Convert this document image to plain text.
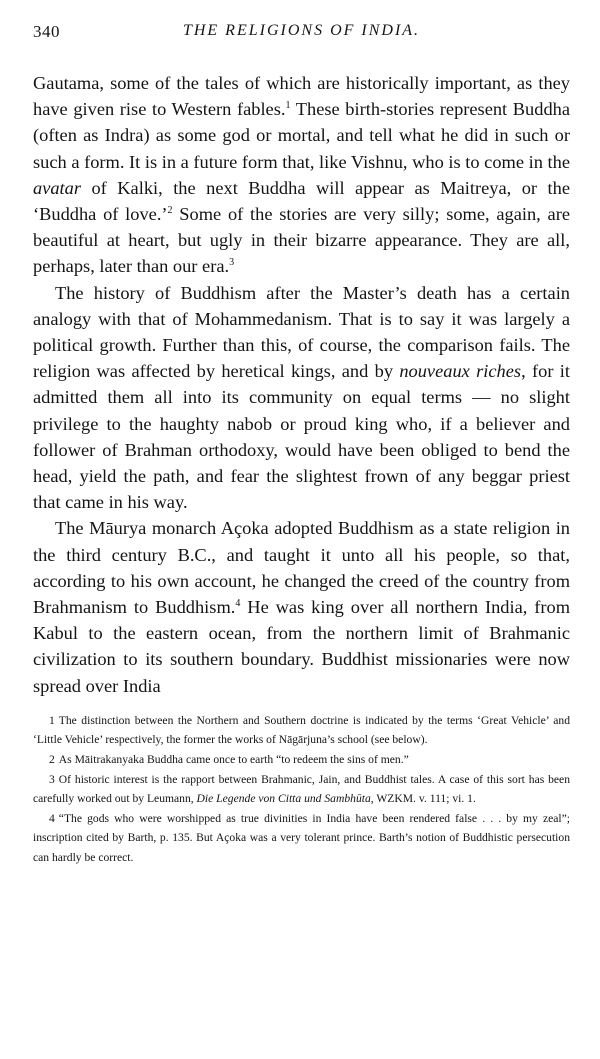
340	THE RELIGIONS OF INDIA.

Gautama, some of the tales of which are historically important, as they have given rise to Western fables.$^1$ These birth-stories represent Buddha (often as Indra) as some god or mortal, and tell what he did in such or such a form. It is in a future form that, like Vishnu, who is to come in the avatar of Kalki, the next Buddha will appear as Maitreya, or the ‘Buddha of love.’$^2$ Some of the stories are very silly; some, again, are beautiful at heart, but ugly in their bizarre appearance. They are all, perhaps, later than our era.$^3$

The history of Buddhism after the Master’s death has a certain analogy with that of Mohammedanism. That is to say it was largely a political growth. Further than this, of course, the comparison fails. The religion was affected by heretical kings, and by nouveaux riches, for it admitted them all into its community on equal terms — no slight privilege to the haughty nabob or proud king who, if a believer and follower of Brahman orthodoxy, would have been obliged to bend the head, yield the path, and fear the slightest frown of any beggar priest that came in his way.

The Māurya monarch Açoka adopted Buddhism as a state religion in the third century B.C., and taught it unto all his people, so that, according to his own account, he changed the creed of the country from Brahmanism to Buddhism.$^4$ He was king over all northern India, from Kabul to the eastern ocean, from the northern limit of Brahmanic civilization to its southern boundary. Buddhist missionaries were now spread over India

1 The distinction between the Northern and Southern doctrine is indicated by the terms ‘Great Vehicle’ and ‘Little Vehicle’ respectively, the former the works of Nāgārjuna’s school (see below).

2 As Māitrakanyaka Buddha came once to earth “to redeem the sins of men.”

3 Of historic interest is the rapport between Brahmanic, Jain, and Buddhist tales. A case of this sort has been carefully worked out by Leumann, Die Legende von Citta und Sambhūta, WZKM. v. 111; vi. 1.

4 “The gods who were worshipped as true divinities in India have been rendered false . . . by my zeal”; inscription cited by Barth, p. 135. But Açoka was a very tolerant prince. Barth’s notion of Buddhistic persecution can hardly be correct.
